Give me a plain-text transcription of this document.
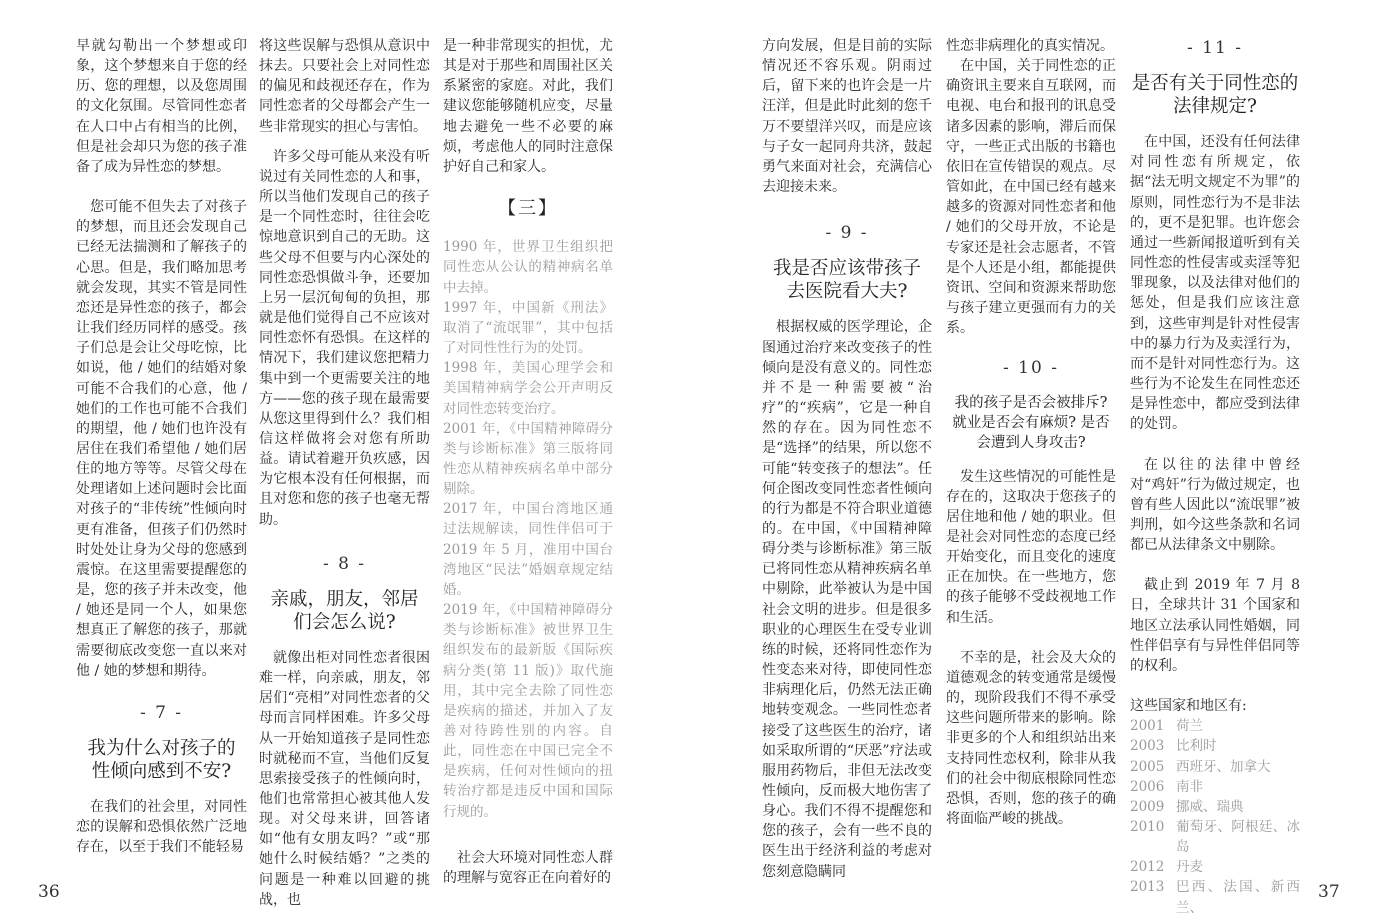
早就勾勒出一个梦想或印象，这个梦想来自于您的经历、您的理想，以及您周围的文化氛围。尽管同性恋者在人口中占有相当的比例，但是社会却只为您的孩子准备了成为异性恋的梦想。

您可能不但失去了对孩子的梦想，而且还会发现自己已经无法揣测和了解孩子的心思。但是，我们略加思考就会发现，其实不管是同性恋还是异性恋的孩子，都会让我们经历同样的感受。孩子们总是会让父母吃惊，比如说，他 / 她们的结婚对象可能不合我们的心意，他 / 她们的工作也可能不合我们的期望，他 / 她们也许没有居住在我们希望他 / 她们居住的地方等等。尽管父母在处理诸如上述问题时会比面对孩子的“非传统”性倾向时更有准备，但孩子们仍然时时处处让身为父母的您感到震惊。在这里需要提醒您的是，您的孩子并未改变，他 / 她还是同一个人，如果您想真正了解您的孩子，那就需要彻底改变您一直以来对他 / 她的梦想和期待。

- 7 -
我为什么对孩子的性倾向感到不安?

在我们的社会里，对同性恋的误解和恐惧依然广泛地存在，以至于我们不能轻易

将这些误解与恐惧从意识中抹去。只要社会上对同性恋的偏见和歧视还存在，作为同性恋者的父母都会产生一些非常现实的担心与害怕。

许多父母可能从来没有听说过有关同性恋的人和事，所以当他们发现自己的孩子是一个同性恋时，往往会吃惊地意识到自己的无助。这些父母不但要与内心深处的同性恋恐惧做斗争，还要加上另一层沉甸甸的负担，那就是他们觉得自己不应该对同性恋怀有恐惧。在这样的情况下，我们建议您把精力集中到一个更需要关注的地方——您的孩子现在最需要从您这里得到什么？我们相信这样做将会对您有所助益。请试着避开负疚感，因为它根本没有任何根据，而且对您和您的孩子也毫无帮助。

- 8 -
亲戚，朋友，邻居们会怎么说?

就像出柜对同性恋者很困难一样，向亲戚，朋友，邻居们“亮相”对同性恋者的父母而言同样困难。许多父母从一开始知道孩子是同性恋时就秘而不宣，当他们反复思索接受孩子的性倾向时，他们也常常担心被其他人发现。对父母来讲，回答诸如“他有女朋友吗？”或“那她什么时候结婚？”之类的问题是一种难以回避的挑战，也

是一种非常现实的担忧，尤其是对于那些和周围社区关系紧密的家庭。对此，我们建议您能够随机应变，尽量地去避免一些不必要的麻烦，考虑他人的同时注意保护好自己和家人。

【三】

1990 年，世界卫生组织把同性恋从公认的精神病名单中去掉。

1997 年，中国新《刑法》取消了“流氓罪”，其中包括了对同性性行为的处罚。

1998 年，美国心理学会和美国精神病学会公开声明反对同性恋转变治疗。

2001 年，《中国精神障碍分类与诊断标准》第三版将同性恋从精神疾病名单中部分剔除。

2017 年，中国台湾地区通过法规解读，同性伴侣可于 2019 年 5 月，准用中国台湾地区“民法”婚姻章规定结婚。

2019 年，《中国精神障碍分类与诊断标准》被世界卫生组织发布的最新版《国际疾病分类(第 11 版)》取代施用，其中完全去除了同性恋是疾病的描述，并加入了友善对待跨性别的内容。自此，同性恋在中国已完全不是疾病，任何对性倾向的扭转治疗都是违反中国和国际行规的。

社会大环境对同性恋人群的理解与宽容正在向着好的

36

方向发展，但是目前的实际情况还不容乐观。阴雨过后，留下来的也许会是一片汪洋，但是此时此刻的您千万不要望洋兴叹，而是应该与子女一起同舟共济，鼓起勇气来面对社会，充满信心去迎接未来。

- 9 -
我是否应该带孩子去医院看大夫?

根据权威的医学理论，企图通过治疗来改变孩子的性倾向是没有意义的。同性恋并不是一种需要被“治疗”的“疾病”，它是一种自然的存在。因为同性恋不是“选择”的结果，所以您不可能“转变孩子的想法”。任何企图改变同性恋者性倾向的行为都是不符合职业道德的。在中国，《中国精神障碍分类与诊断标准》第三版已将同性恋从精神疾病名单中剔除，此举被认为是中国社会文明的进步。但是很多职业的心理医生在受专业训练的时候，还将同性恋作为性变态来对待，即使同性恋非病理化后，仍然无法正确地转变观念。一些同性恋者接受了这些医生的治疗，诸如采取所谓的“厌恶”疗法或服用药物后，非但无法改变性倾向，反而极大地伤害了身心。我们不得不提醒您和您的孩子，会有一些不良的医生出于经济利益的考虑对您刻意隐瞒同

性恋非病理化的真实情况。

在中国，关于同性恋的正确资讯主要来自互联网，而电视、电台和报刊的讯息受诸多因素的影响，滞后而保守，一些正式出版的书籍也依旧在宣传错误的观点。尽管如此，在中国已经有越来越多的资源对同性恋者和他 / 她们的父母开放，不论是专家还是社会志愿者，不管是个人还是小组，都能提供资讯、空间和资源来帮助您与孩子建立更强而有力的关系。

- 10 -
我的孩子是否会被排斥? 就业是否会有麻烦? 是否会遭到人身攻击?

发生这些情况的可能性是存在的，这取决于您孩子的居住地和他 / 她的职业。但是社会对同性恋的态度已经开始变化，而且变化的速度正在加快。在一些地方，您的孩子能够不受歧视地工作和生活。

不幸的是，社会及大众的道德观念的转变通常是缓慢的，现阶段我们不得不承受这些问题所带来的影响。除非更多的个人和组织站出来支持同性恋权利，除非从我们的社会中彻底根除同性恋恐惧，否则，您的孩子的确将面临严峻的挑战。

- 11 -
是否有关于同性恋的法律规定?

在中国，还没有任何法律对同性恋有所规定，依据“法无明文规定不为罪”的原则，同性恋行为不是非法的，更不是犯罪。也许您会通过一些新闻报道听到有关同性恋的性侵害或卖淫等犯罪现象，以及法律对他们的惩处，但是我们应该注意到，这些审判是针对性侵害中的暴力行为及卖淫行为，而不是针对同性恋行为。这些行为不论发生在同性恋还是异性恋中，都应受到法律的处罚。

在以往的法律中曾经对“鸡奸”行为做过规定，也曾有些人因此以“流氓罪”被判刑，如今这些条款和名词都已从法律条文中剔除。

截止到 2019 年 7 月 8 日，全球共计 31 个国家和地区立法承认同性婚姻，同性伴侣享有与异性伴侣同等的权利。

这些国家和地区有:

2001 荷兰
2003 比利时
2005 西班牙、加拿大
2006 南非
2009 挪威、瑞典
2010 葡萄牙、阿根廷、冰岛
2012 丹麦
2013 巴西、法国、新西兰、
37
